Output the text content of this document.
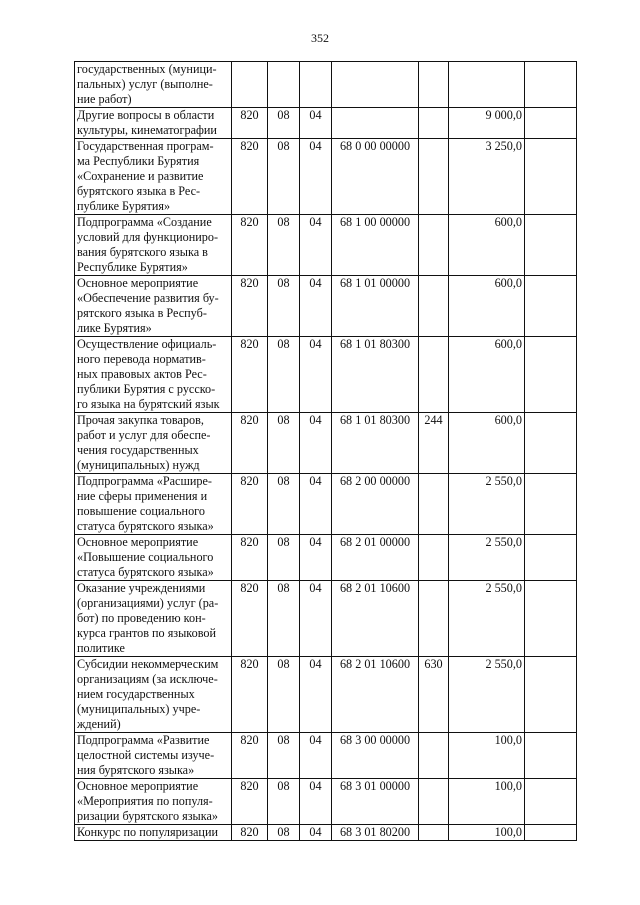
352
государственных (муници-
пальных) услуг (выполне-
ние работ)							
Другие вопросы в области
культуры, кинематографии	820	08	04			9 000,0	
Государственная програм-
ма Республики Бурятия
«Сохранение и развитие
бурятского языка в Рес-
публике Бурятия»	820	08	04	68 0 00 00000		3 250,0	
Подпрограмма «Создание
условий для функциониро-
вания бурятского языка в
Республике Бурятия»	820	08	04	68 1 00 00000		600,0	
Основное мероприятие
«Обеспечение развития бу-
рятского языка в Респуб-
лике Бурятия»	820	08	04	68 1 01 00000		600,0	
Осуществление официаль-
ного перевода норматив-
ных правовых актов Рес-
публики Бурятия с русско-
го языка на бурятский язык	820	08	04	68 1 01 80300		600,0	
Прочая закупка товаров,
работ и услуг для обеспе-
чения государственных
(муниципальных) нужд	820	08	04	68 1 01 80300	244	600,0	
Подпрограмма «Расшире-
ние сферы применения и
повышение социального
статуса бурятского языка»	820	08	04	68 2 00 00000		2 550,0	
Основное мероприятие
«Повышение социального
статуса бурятского языка»	820	08	04	68 2 01 00000		2 550,0	
Оказание учреждениями
(организациями) услуг (ра-
бот) по проведению кон-
курса грантов по языковой
политике	820	08	04	68 2 01 10600		2 550,0	
Субсидии некоммерческим
организациям (за исключе-
нием государственных
(муниципальных) учре-
ждений)	820	08	04	68 2 01 10600	630	2 550,0	
Подпрограмма «Развитие
целостной системы изуче-
ния бурятского языка»	820	08	04	68 3 00 00000		100,0	
Основное мероприятие
«Мероприятия по популя-
ризации бурятского языка»	820	08	04	68 3 01 00000		100,0	
Конкурс по популяризации	820	08	04	68 3 01 80200		100,0	
